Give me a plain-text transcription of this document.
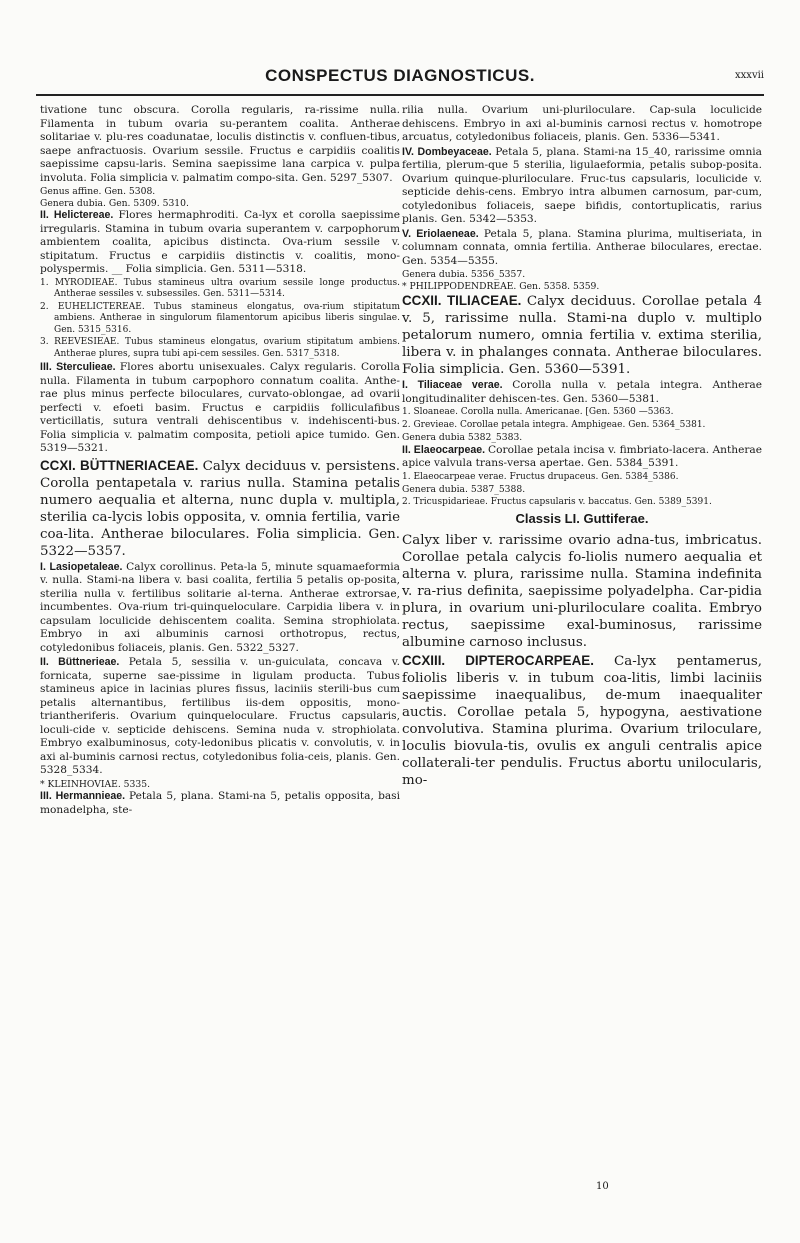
CONSPECTUS DIAGNOSTICUS.	xxxvii
tivatione tunc obscura. Corolla regularis, ra-rissime nulla. Filamenta in tubum ovaria su-perantem coalita. Antherae solitariae v. plu-res coadunatae, loculis distinctis v. confluen-tibus, saepe anfractuosis. Ovarium sessile. Fructus e carpidiis coalitis saepissime capsu-laris. Semina saepissime lana carpica v. pulpa involuta. Folia simplicia v. palmatim compo-sita. Gen. 5297_5307.
Genus affine. Gen. 5308.
Genera dubia. Gen. 5309. 5310.
II. Helictereae. Flores hermaphroditi. Ca-lyx et corolla saepissime irregularis. Stamina in tubum ovaria superantem v. carpophorum ambientem coalita, apicibus distincta. Ova-rium sessile v. stipitatum. Fructus e carpidiis distinctis v. coalitis, mono-polyspermis. __ Folia simplicia. Gen. 5311—5318.
1. MYRODIEAE. Tubus stamineus ultra ovarium sessile longe productus. Antherae sessiles v. subsessiles. Gen. 5311—5314.
2. EUHELICTEREAE. Tubus stamineus elongatus, ova-rium stipitatum ambiens. Antherae in singulorum filamentorum apicibus liberis singulae. Gen. 5315_5316.
3. REEVESIEAE. Tubus stamineus elongatus, ovarium stipitatum ambiens. Antherae plures, supra tubi api-cem sessiles. Gen. 5317_5318.
III. Sterculieae. Flores abortu unisexuales. Calyx regularis. Corolla nulla. Filamenta in tubum carpophoro connatum coalita. Anthe-rae plus minus perfecte biloculares, curvato-oblongae, ad ovarii perfecti v. efoeti basim. Fructus e carpidiis folliculafibus verticillatis, sutura ventrali dehiscentibus v. indehiscenti-bus. Folia simplicia v. palmatim composita, petioli apice tumido. Gen. 5319—5321.
CCXI. BÜTTNERIACEAE. Calyx deciduus v. persistens. Corolla pentapetala v. rarius nulla. Stamina petalis numero aequalia et alterna, nunc dupla v. multipla, sterilia ca-lycis lobis opposita, v. omnia fertilia, varie coa-lita. Antherae biloculares. Folia simplicia. Gen. 5322—5357.
I. Lasiopetaleae. Calyx corollinus. Peta-la 5, minute squamaeformia v. nulla. Stami-na libera v. basi coalita, fertilia 5 petalis op-posita, sterilia nulla v. fertilibus solitarie al-terna. Antherae extrorsae, incumbentes. Ova-rium tri-quinqueloculare. Carpidia libera v. in capsulam loculicide dehiscentem coalita. Semina strophiolata. Embryo in axi albuminis carnosi orthotropus, rectus, cotyledonibus foliaceis, planis. Gen. 5322_5327.
II. Büttnerieae. Petala 5, sessilia v. un-guiculata, concava v. fornicata, superne sae-pissime in ligulam producta. Tubus stamineus apice in lacinias plures fissus, laciniis sterili-bus cum petalis alternantibus, fertilibus iis-dem oppositis, mono-triantheriferis. Ovarium quinqueloculare. Fructus capsularis, loculi-cide v. septicide dehiscens. Semina nuda v. strophiolata. Embryo exalbuminosus, coty-ledonibus plicatis v. convolutis, v. in axi al-buminis carnosi rectus, cotyledonibus folia-ceis, planis. Gen. 5328_5334.
* KLEINHOVIAE. 5335.
III. Hermannieae. Petala 5, plana. Stami-na 5, petalis opposita, basi monadelpha, ste-
rilia nulla. Ovarium uni-pluriloculare. Cap-sula loculicide dehiscens. Embryo in axi al-buminis carnosi rectus v. homotrope arcuatus, cotyledonibus foliaceis, planis. Gen. 5336—5341.
IV. Dombeyaceae. Petala 5, plana. Stami-na 15_40, rarissime omnia fertilia, plerum-que 5 sterilia, ligulaeformia, petalis subop-posita. Ovarium quinque-pluriloculare. Fruc-tus capsularis, loculicide v. septicide dehis-cens. Embryo intra albumen carnosum, par-cum, cotyledonibus foliaceis, saepe bifidis, contortuplicatis, rarius planis. Gen. 5342—5353.
V. Eriolaeneae. Petala 5, plana. Stamina plurima, multiseriata, in columnam connata, omnia fertilia. Antherae biloculares, erectae. Gen. 5354—5355.
Genera dubia. 5356_5357.
* PHILIPPODENDREAE. Gen. 5358. 5359.
CCXII. TILIACEAE. Calyx deciduus. Corollae petala 4 v. 5, rarissime nulla. Stami-na duplo v. multiplo petalorum numero, omnia fertilia v. extima sterilia, libera v. in phalanges connata. Antherae biloculares. Folia simplicia. Gen. 5360—5391.
I. Tiliaceae verae. Corolla nulla v. petala integra. Antherae longitudinaliter dehiscen-tes. Gen. 5360—5381.
1. Sloaneae. Corolla nulla. Americanae. [Gen. 5360 —5363.
2. Grevieae. Corollae petala integra. Amphigeae. Gen. 5364_5381.
Genera dubia 5382_5383.
II. Elaeocarpeae. Corollae petala incisa v. fimbriato-lacera. Antherae apice valvula trans-versa apertae. Gen. 5384_5391.
1. Elaeocarpeae verae. Fructus drupaceus. Gen. 5384_5386.
Genera dubia. 5387_5388.
2. Tricuspidarieae. Fructus capsularis v. baccatus. Gen. 5389_5391.
Classis LI. Guttiferae.
Calyx liber v. rarissime ovario adna-tus, imbricatus. Corollae petala calycis fo-liolis numero aequalia et alterna v. plura, rarissime nulla. Stamina indefinita v. ra-rius definita, saepissime polyadelpha. Car-pidia plura, in ovarium uni-pluriloculare coalita. Embryo rectus, saepissime exal-buminosus, rarissime albumine carnoso inclusus.
CCXIII. DIPTEROCARPEAE. Ca-lyx pentamerus, foliolis liberis v. in tubum coa-litis, limbi laciniis saepissime inaequalibus, de-mum inaequaliter auctis. Corollae petala 5, hypogyna, aestivatione convolutiva. Stamina plurima. Ovarium triloculare, loculis biovula-tis, ovulis ex anguli centralis apice collaterali-ter pendulis. Fructus abortu unilocularis, mo-
10
